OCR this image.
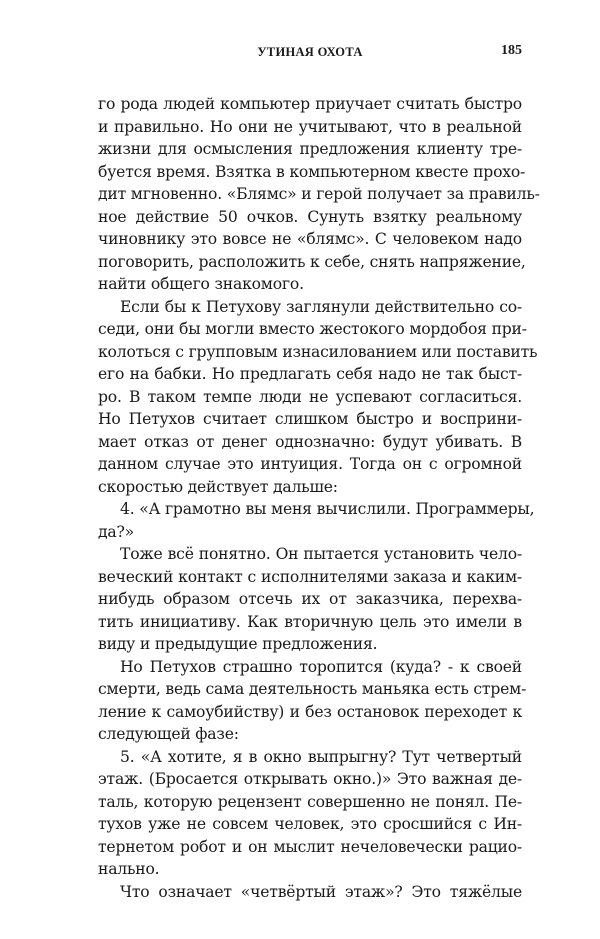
УТИНАЯ ОХОТА	185
го рода людей компьютер приучает считать быстро
и правильно. Но они не учитывают, что в реальной
жизни для осмысления предложения клиенту тре-
буется время. Взятка в компьютерном квесте прохо-
дит мгновенно. «Блямс» и герой получает за правиль-
ное действие 50 очков. Сунуть взятку реальному
чиновнику это вовсе не «блямс». С человеком надо
поговорить, расположить к себе, снять напряжение,
найти общего знакомого.
Если бы к Петухову заглянули действительно со-
седи, они бы могли вместо жестокого мордобоя при-
колоться с групповым изнасилованием или поставить
его на бабки. Но предлагать себя надо не так быст-
ро. В таком темпе люди не успевают согласиться.
Но Петухов считает слишком быстро и восприни-
мает отказ от денег однозначно: будут убивать. В
данном случае это интуиция. Тогда он с огромной
скоростью действует дальше:
4. «А грамотно вы меня вычислили. Программеры,
да?»
Тоже всё понятно. Он пытается установить чело-
веческий контакт с исполнителями заказа и каким-
нибудь образом отсечь их от заказчика, перехва-
тить инициативу. Как вторичную цель это имели в
виду и предыдущие предложения.
Но Петухов страшно торопится (куда? - к своей
смерти, ведь сама деятельность маньяка есть стрем-
ление к самоубийству) и без остановок переходет к
следующей фазе:
5. «А хотите, я в окно выпрыгну? Тут четвертый
этаж. (Бросается открывать окно.)» Это важная де-
таль, которую рецензент совершенно не понял. Пе-
тухов уже не совсем человек, это сросшийся с Ин-
тернетом робот и он мыслит нечеловечески рацио-
нально.
Что означает «четвёртый этаж»? Это тяжёлые
